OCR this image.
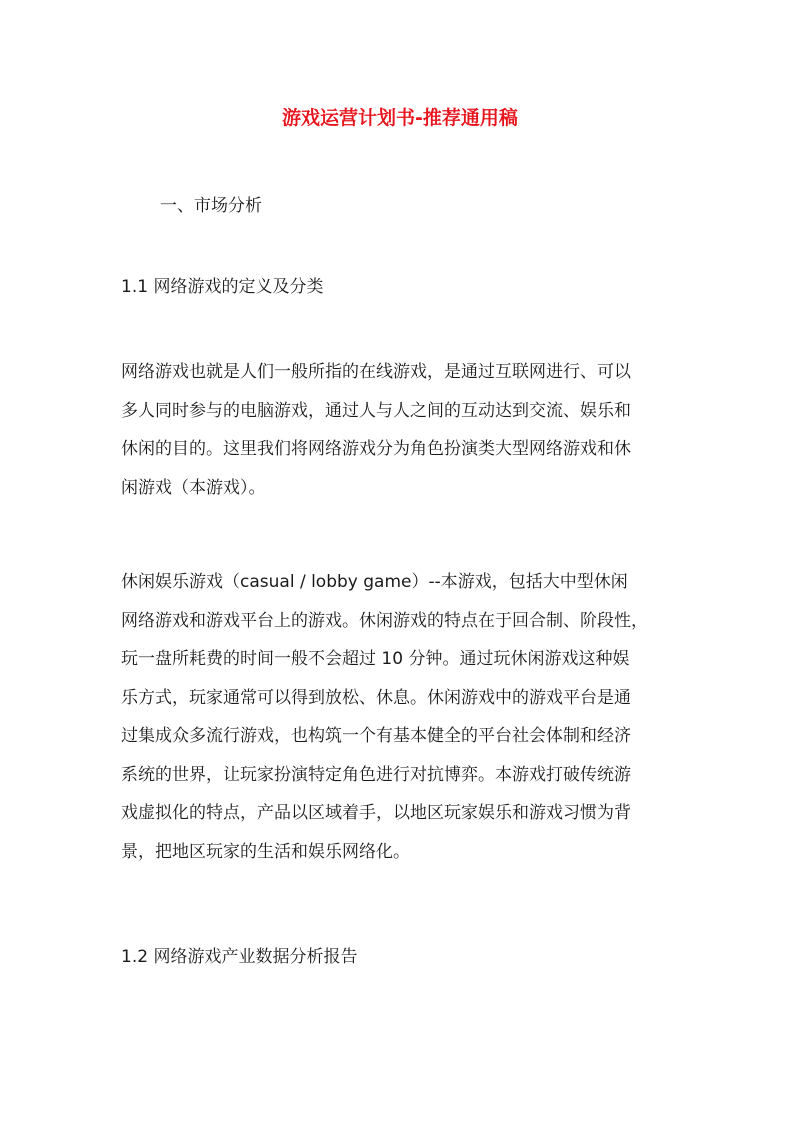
游戏运营计划书-推荐通用稿
一、市场分析
1.1 网络游戏的定义及分类

网络游戏也就是人们一般所指的在线游戏，是通过互联网进行、可以
多人同时参与的电脑游戏，通过人与人之间的互动达到交流、娱乐和
休闲的目的。这里我们将网络游戏分为角色扮演类大型网络游戏和休
闲游戏（本游戏）。

休闲娱乐游戏（casual / lobby game）--本游戏，包括大中型休闲
网络游戏和游戏平台上的游戏。休闲游戏的特点在于回合制、阶段性，
玩一盘所耗费的时间一般不会超过 10 分钟。通过玩休闲游戏这种娱
乐方式，玩家通常可以得到放松、休息。休闲游戏中的游戏平台是通
过集成众多流行游戏，也构筑一个有基本健全的平台社会体制和经济
系统的世界，让玩家扮演特定角色进行对抗博弈。本游戏打破传统游
戏虚拟化的特点，产品以区域着手，以地区玩家娱乐和游戏习惯为背
景，把地区玩家的生活和娱乐网络化。

1.2 网络游戏产业数据分析报告
